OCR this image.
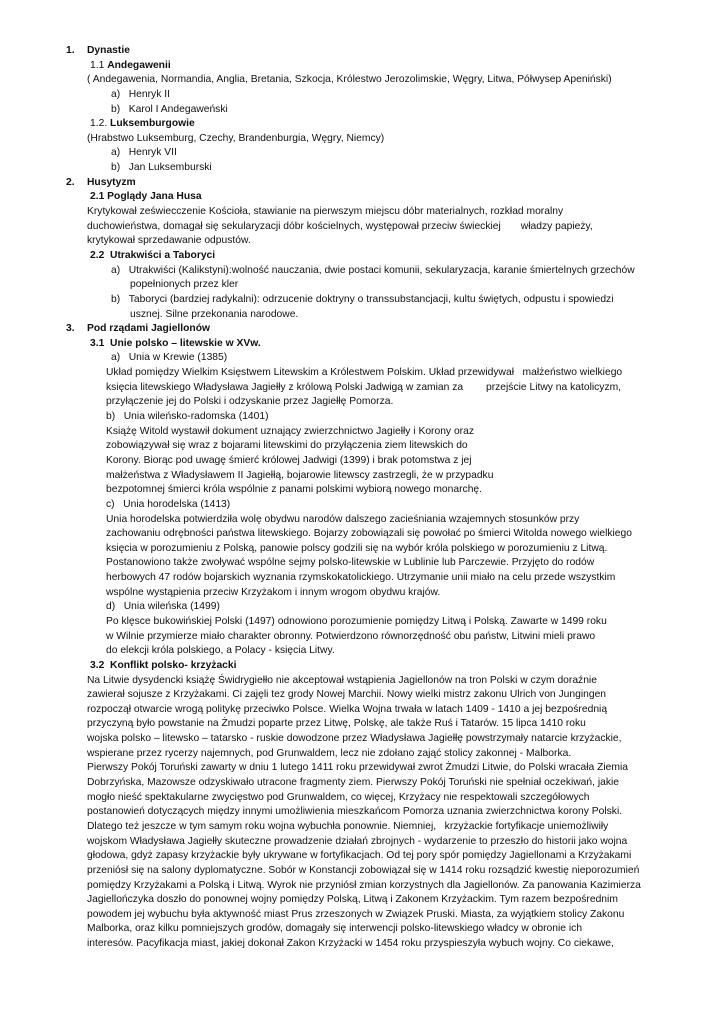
1. Dynastie
1.1 Andegawenii
( Andegawenia, Normandia, Anglia, Bretania, Szkocja, Królestwo Jerozolimskie, Węgry, Litwa, Półwysep Apeniński)
a)   Henryk II
b)   Karol I Andegaweński
1.2. Luksemburgowie
(Hrabstwo Luksemburg, Czechy, Brandenburgia, Węgry, Niemcy)
a)   Henryk VII
b)   Jan Luksemburski
2. Husytyzm
2.1 Poglądy Jana Husa
Krytykował zeświecczenie Kościoła, stawianie na pierwszym miejscu dóbr materialnych, rozkład moralny
duchowieństwa, domagał się sekularyzacji dóbr kościelnych, występował przeciw świeckiej       władzy papieży,
krytykował sprzedawanie odpustów.
2.2  Utrakwiści a Taboryci
a)   Utrakwiści (Kalikstyni):wolność nauczania, dwie postaci komunii, sekularyzacja, karanie śmiertelnych grzechów
popełnionych przez kler
b)   Taboryci (bardziej radykalni): odrzucenie doktryny o transsubstancjacji, kultu świętych, odpustu i spowiedzi
usznej. Silne przekonania narodowe.
3. Pod rządami Jagiellonów
3.1  Unie polsko – litewskie w XVw.
a)   Unia w Krewie (1385)
Układ pomiędzy Wielkim Księstwem Litewskim a Królestwem Polskim. Układ przewidywał   małżeństwo wielkiego
księcia litewskiego Władysława Jagiełły z królową Polski Jadwigą w zamian za        przejście Litwy na katolicyzm,
przyłączenie jej do Polski i odzyskanie przez Jagiełłę Pomorza.
b)   Unia wileńsko-radomska (1401)
Książę Witold wystawił dokument uznający zwierzchnictwo Jagiełły i Korony oraz
zobowiązywał się wraz z bojarami litewskimi do przyłączenia ziem litewskich do
Korony. Biorąc pod uwagę śmierć królowej Jadwigi (1399) i brak potomstwa z jej
małżeństwa z Władysławem II Jagiełłą, bojarowie litewscy zastrzegli, że w przypadku
bezpotomnej śmierci króla wspólnie z panami polskimi wybiorą nowego monarchę.
c)   Unia horodelska (1413)
Unia horodelska potwierdziła wolę obydwu narodów dalszego zacieśniania wzajemnych stosunków przy
zachowaniu odrębności państwa litewskiego. Bojarzy zobowiązali się powołać po śmierci Witolda nowego wielkiego
księcia w porozumieniu z Polską, panowie polscy godzili się na wybór króla polskiego w porozumieniu z Litwą.
Postanowiono także zwoływać wspólne sejmy polsko-litewskie w Lublinie lub Parczewie. Przyjęto do rodów
herbowych 47 rodów bojarskich wyznania rzymskokatolickiego. Utrzymanie unii miało na celu przede wszystkim
wspólne wystąpienia przeciw Krzyżakom i innym wrogom obydwu krajów.
d)   Unia wileńska (1499)
Po klęsce bukowińskiej Polski (1497) odnowiono porozumienie pomiędzy Litwą i Polską. Zawarte w 1499 roku
w Wilnie przymierze miało charakter obronny. Potwierdzono równorzędność obu państw, Litwini mieli prawo
do elekcji króla polskiego, a Polacy - księcia Litwy.
3.2  Konflikt polsko- krzyżacki
Na Litwie dysydencki książę Świdrygiełło nie akceptował wstąpienia Jagiellonów na tron Polski w czym doraźnie
zawierał sojusze z Krzyżakami. Ci zajęli tez grody Nowej Marchii. Nowy wielki mistrz zakonu Ulrich von Jungingen
rozpoczął otwarcie wrogą politykę przeciwko Polsce. Wielka Wojna trwała w latach 1409 - 1410 a jej bezpośrednią
przyczyną było powstanie na Żmudzi poparte przez Litwę, Polskę, ale także Ruś i Tatarów. 15 lipca 1410 roku
wojska polsko – litewsko – tatarsko - ruskie dowodzone przez Władysława Jagiełłę powstrzymały natarcie krzyżackie,
wspierane przez rycerzy najemnych, pod Grunwaldem, lecz nie zdołano zająć stolicy zakonnej - Malborka.
Pierwszy Pokój Toruński zawarty w dniu 1 lutego 1411 roku przewidywał zwrot Żmudzi Litwie, do Polski wracała Ziemia
Dobrzyńska, Mazowsze odzyskiwało utracone fragmenty ziem. Pierwszy Pokój Toruński nie spełniał oczekiwań, jakie
mogło nieść spektakularne zwycięstwo pod Grunwaldem, co więcej, Krzyżacy nie respektowali szczegółowych
postanowień dotyczących między innymi umożliwienia mieszkańcom Pomorza uznania zwierzchnictwa korony Polski.
Dlatego też jeszcze w tym samym roku wojna wybuchła ponownie. Niemniej,   krzyżackie fortyfikacje uniemożliwiły
wojskom Władysława Jagiełły skuteczne prowadzenie działań zbrojnych - wydarzenie to przeszło do historii jako wojna
głodowa, gdyż zapasy krzyżackie były ukrywane w fortyfikacjach. Od tej pory spór pomiędzy Jagiellonami a Krzyżakami
przeniósł się na salony dyplomatyczne. Sobór w Konstancji zobowiązał się w 1414 roku rozsądzić kwestię nieporozumień
pomiędzy Krzyżakami a Polską i Litwą. Wyrok nie przyniósł zmian korzystnych dla Jagiellonów. Za panowania Kazimierza
Jagiellończyka doszło do ponownej wojny pomiędzy Polską, Litwą i Zakonem Krzyżackim. Tym razem bezpośrednim
powodem jej wybuchu była aktywność miast Prus zrzeszonych w Związek Pruski. Miasta, za wyjątkiem stolicy Zakonu
Malborka, oraz kilku pomniejszych grodów, domagały się interwencji polsko-litewskiego władcy w obronie ich
interesów. Pacyfikacja miast, jakiej dokonał Zakon Krzyżacki w 1454 roku przyspieszyła wybuch wojny. Co ciekawe,
